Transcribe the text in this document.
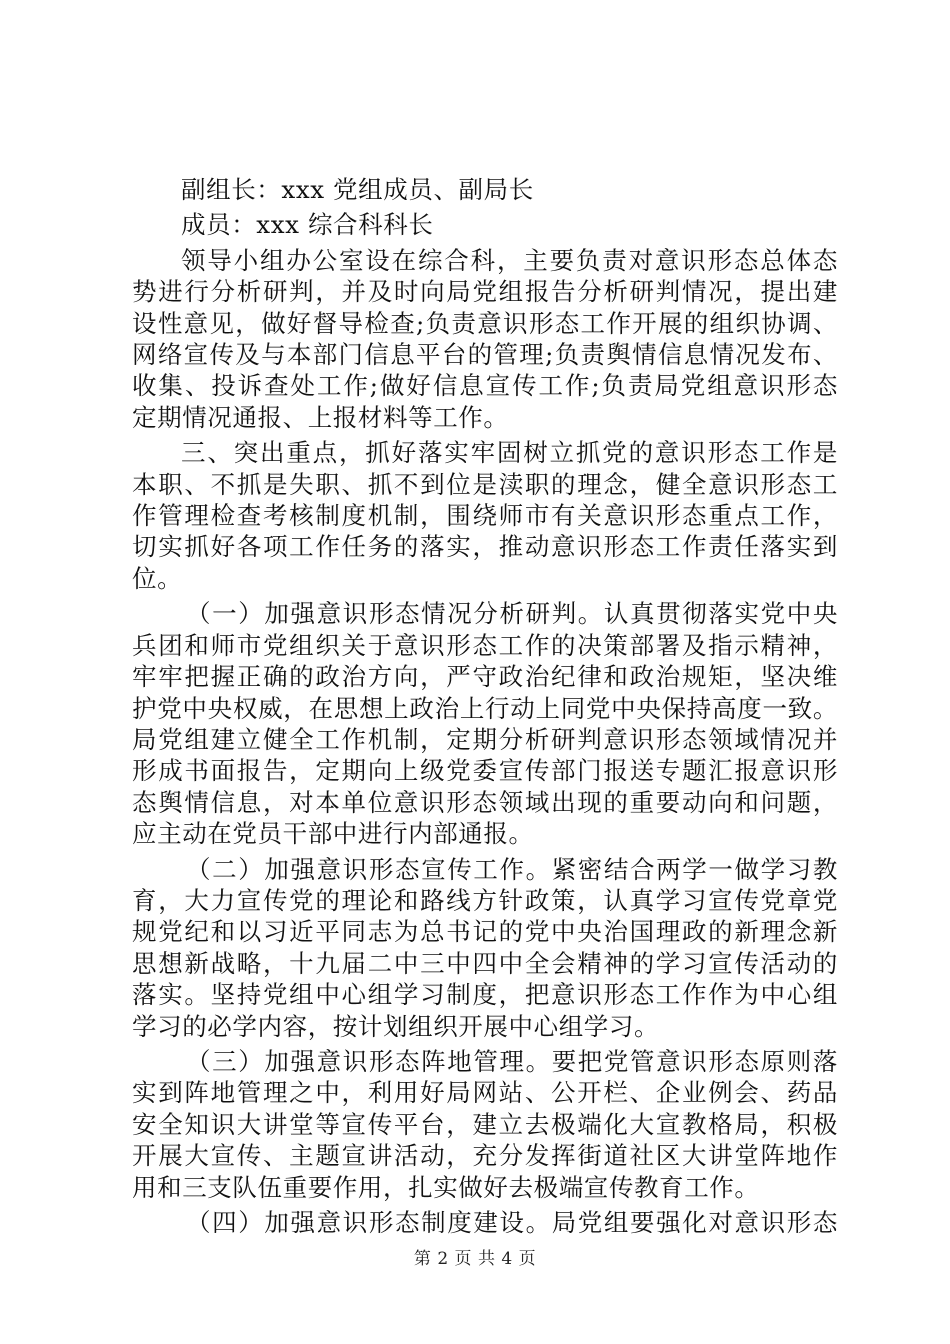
副组长：xxx 党组成员、副局长

成员：xxx 综合科科长

领导小组办公室设在综合科，主要负责对意识形态总体态
势进行分析研判，并及时向局党组报告分析研判情况，提出建
设性意见，做好督导检查;负责意识形态工作开展的组织协调、
网络宣传及与本部门信息平台的管理;负责舆情信息情况发布、
收集、投诉查处工作;做好信息宣传工作;负责局党组意识形态
定期情况通报、上报材料等工作。

三、突出重点，抓好落实牢固树立抓党的意识形态工作是
本职、不抓是失职、抓不到位是渎职的理念，健全意识形态工
作管理检查考核制度机制，围绕师市有关意识形态重点工作，
切实抓好各项工作任务的落实，推动意识形态工作责任落实到
位。

（一）加强意识形态情况分析研判。认真贯彻落实党中央
兵团和师市党组织关于意识形态工作的决策部署及指示精神，
牢牢把握正确的政治方向，严守政治纪律和政治规矩，坚决维
护党中央权威，在思想上政治上行动上同党中央保持高度一致。
局党组建立健全工作机制，定期分析研判意识形态领域情况并
形成书面报告，定期向上级党委宣传部门报送专题汇报意识形
态舆情信息，对本单位意识形态领域出现的重要动向和问题，
应主动在党员干部中进行内部通报。

（二）加强意识形态宣传工作。紧密结合两学一做学习教
育，大力宣传党的理论和路线方针政策，认真学习宣传党章党
规党纪和以习近平同志为总书记的党中央治国理政的新理念新
思想新战略，十九届二中三中四中全会精神的学习宣传活动的
落实。坚持党组中心组学习制度，把意识形态工作作为中心组
学习的必学内容，按计划组织开展中心组学习。

（三）加强意识形态阵地管理。要把党管意识形态原则落
实到阵地管理之中，利用好局网站、公开栏、企业例会、药品
安全知识大讲堂等宣传平台，建立去极端化大宣教格局，积极
开展大宣传、主题宣讲活动，充分发挥街道社区大讲堂阵地作
用和三支队伍重要作用，扎实做好去极端宣传教育工作。

（四）加强意识形态制度建设。局党组要强化对意识形态

第 2 页 共 4 页
